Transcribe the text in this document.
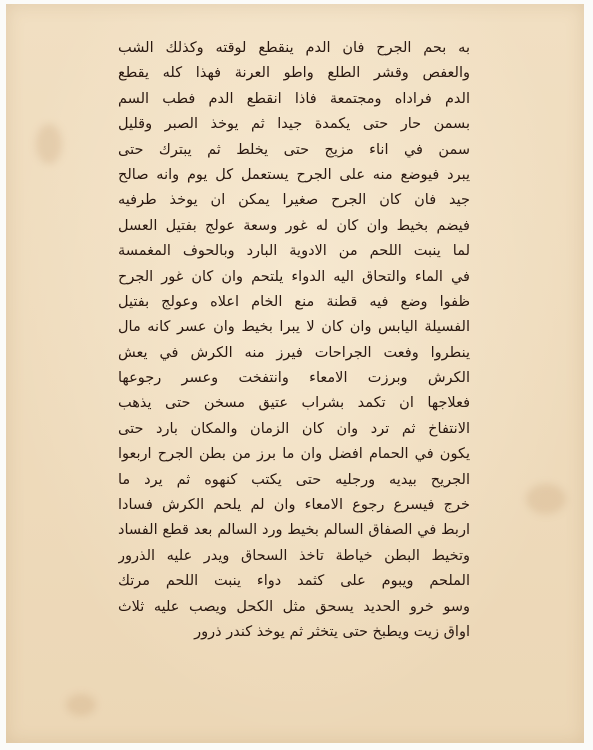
به بحم الجرح فان الدم ينقطع لوقته وكذلك الشب
والعفص وقشر الطلع واطو العرنة فهذا كله يقطع
الدم فراداه ومجتمعة فاذا انقطع الدم فطب السم
بسمن حار حتى يكمدة جيدا ثم يوخذ الصبر وقليل
سمن في اناء مزيج حتى يخلط ثم يبترك حتى
يبرد فيوضع منه على الجرح يستعمل كل يوم وانه صالح
جيد فان كان الجرح صغيرا يمكن ان يوخذ طرفيه
فيضم بخيط وان كان له غور وسعة عولج بفتيل العسل
لما ينبت اللحم من الادوية البارد وبالحوف المغمسة
في الماء والتحاق اليه الدواء يلتحم وان كان غور الجرح
ظفوا وضع فيه قطنة منع الخام اعلاه وعولج بفتيل
الفسيلة اليابس وان كان لا يبرا بخيط وان عسر كانه مال
ينطروا وفعت الجراحات فيرز منه الكرش في يعش
الكرش وبرزت الامعاء وانتفخت وعسر رجوعها
فعلاجها ان تكمد بشراب عتيق مسخن حتى يذهب
الانتفاخ ثم ترد وان كان الزمان والمكان بارد حتى
يكون في الحمام افضل وان ما برز من بطن الجرح اربعوا
الجريح بيديه ورجليه حتى يكتب كنهوه ثم يرد ما
خرج فيسرع رجوع الامعاء وان لم يلحم الكرش فسادا
اربط في الصفاق السالم بخيط ورد السالم بعد قطع الفساد
وتخيط البطن خياطة تاخذ السحاق ويدر عليه الذرور
الملحم ويبوم على كثمد دواء ينبت اللحم مرتك
وسو خرو الحديد يسحق مثل الكحل ويصب عليه ثلاث
اواق زيت ويطبخ حتى يتخثر ثم يوخذ كندر ذرور
